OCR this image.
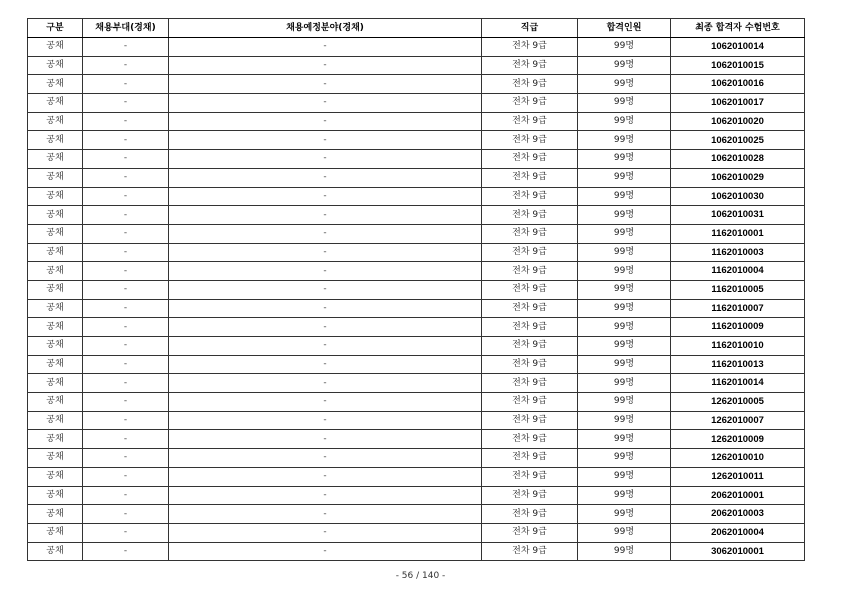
구분	채용부대(경채)	채용예정분야(경채)	직급	합격인원	최종 합격자 수험번호
공채	-	-	전차 9급	99명	1062010014
공채	-	-	전차 9급	99명	1062010015
공채	-	-	전차 9급	99명	1062010016
공채	-	-	전차 9급	99명	1062010017
공채	-	-	전차 9급	99명	1062010020
공채	-	-	전차 9급	99명	1062010025
공채	-	-	전차 9급	99명	1062010028
공채	-	-	전차 9급	99명	1062010029
공채	-	-	전차 9급	99명	1062010030
공채	-	-	전차 9급	99명	1062010031
공채	-	-	전차 9급	99명	1162010001
공채	-	-	전차 9급	99명	1162010003
공채	-	-	전차 9급	99명	1162010004
공채	-	-	전차 9급	99명	1162010005
공채	-	-	전차 9급	99명	1162010007
공채	-	-	전차 9급	99명	1162010009
공채	-	-	전차 9급	99명	1162010010
공채	-	-	전차 9급	99명	1162010013
공채	-	-	전차 9급	99명	1162010014
공채	-	-	전차 9급	99명	1262010005
공채	-	-	전차 9급	99명	1262010007
공채	-	-	전차 9급	99명	1262010009
공채	-	-	전차 9급	99명	1262010010
공채	-	-	전차 9급	99명	1262010011
공채	-	-	전차 9급	99명	2062010001
공채	-	-	전차 9급	99명	2062010003
공채	-	-	전차 9급	99명	2062010004
공채	-	-	전차 9급	99명	3062010001
- 56 / 140 -
